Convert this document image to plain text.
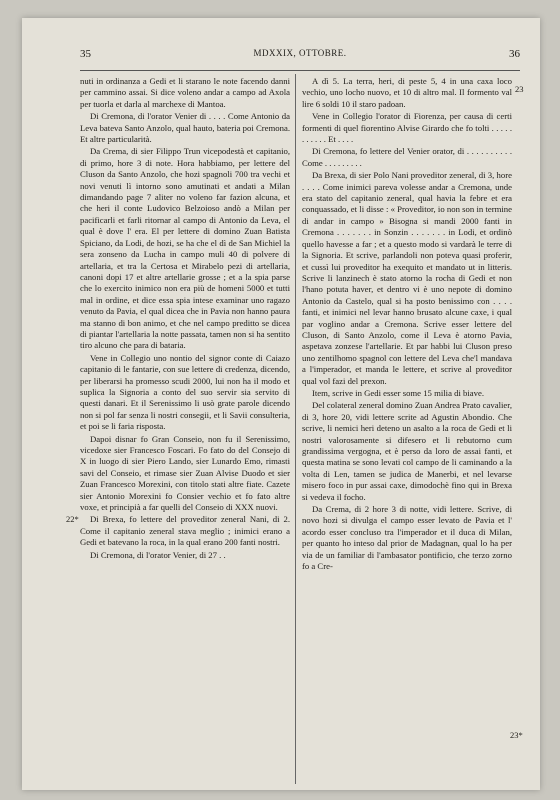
35	MDXXIX, OTTOBRE.	36
23
22*
23*

nuti in ordinanza a Gedi et li starano le note facendo danni per cammino assai. Si dice voleno andar a campo ad Axola per tuorla et darla al marchexe di Mantoa.

Di Cremona, di l'orator Venier di . . . . Come Antonio da Leva bateva Santo Anzolo, qual hauto, bateria poi Cremona. Et altre particularità.

Da Crema, di sier Filippo Trun vicepodestà et capitanio, di primo, hore 3 di note. Hora habbiamo, per lettere del Cluson da Santo Anzolo, che hozi spagnoli 700 tra vechi et novi venuti lì intorno sono amutinati et andati a Milan dimandando page 7 aliter no voleno far fazion alcuna, et che heri il conte Ludovico Belzoioso andò a Milan per pacificarli et farli ritornar al campo di Antonio da Leva, el qual è dove l' era. El per lettere di domino Zuan Batista Spiciano, da Lodi, de hozi, se ha che el dì de San Michiel la sera zonseno da Lucha in campo muli 40 di polvere di artellaria, et tra la Certosa et Mirabelo pezi di artellaria, canoni dopi 17 et altre artellarie grosse ; et a la spia parse che lo exercito inimico non era più de homeni 5000 et tutti mal in ordine, et dice essa spia intese examinar uno ragazo venuto da Pavia, el qual dicea che in Pavia non hanno paura ma stanno di bon animo, et che nel campo preditto se dicea di piantar l'artellaria la notte passata, tamen non si ha sentito tiro alcuno che para di bataria.

Vene in Collegio uno nontio del signor conte di Caiazo capitanio di le fantarie, con sue lettere di credenza, dicendo, per liberarsi ha promesso scudi 2000, lui non ha il modo et suplica la Signoria a conto del suo servir sia servito di questi danari. Et il Serenissimo li usò grate parole dicendo non si pol far senza li nostri consegii, et li Savii consulteria, et poi se li faria risposta.

Dapoi disnar fo Gran Conseio, non fu il Serenissimo, vicedoxe sier Francesco Foscari. Fo fato do del Consejo di X in luogo di sier Piero Lando, sier Lunardo Emo, rimasti savi del Conseio, et rimase sier Zuan Alvise Duodo et sier Zuan Francesco Morexini, con titolo stati altre fiate. Cazete sier Antonio Morexini fo Consier vechio et fo fato altre voxe, et principià a far quelli del Conseio di XXX nuovi.

Di Brexa, fo lettere del proveditor zeneral Nani, di 2. Come il capitanio zeneral stava meglio ; inimici erano a Gedi et batevano la roca, in la qual erano 200 fanti nostri.

Di Cremona, di l'orator Venier, di 27 . .

A dì 5. La terra, heri, di peste 5, 4 in una caxa loco vechio, uno locho nuovo, et 10 di altro mal. Il formento val lire 6 soldi 10 il staro padoan.

Vene in Collegio l'orator di Fiorenza, per causa di certi formenti di quel fiorentino Alvise Girardo che fo tolti . . . . . . . . . . . Et . . . .

Di Cremona, fo lettere del Venier orator, di . . . . . . . . . . Come . . . . . . . . .

Da Brexa, di sier Polo Nani proveditor zeneral, di 3, hore . . . . Come inimici pareva volesse andar a Cremona, unde era stato del capitanio zeneral, qual havia la febre et era conquassado, et li disse : « Proveditor, io non son in termine di andar in campo » Bisogna si mandi 2000 fanti in Cremona . . . . . . . in Sonzin . . . . . . . in Lodi, et ordinò quello havesse a far ; et a questo modo si vardarà le terre di la Signoria. Et scrive, parlandoli non poteva quasi proferir, et cussì lui proveditor ha exequito et mandato ut in litteris. Scrive li lanzinech è stato atorno la rocha di Gedi et non l'hano potuta haver, et dentro vi è uno nepote di domino Antonio da Castelo, qual si ha posto benissimo con . . . . fanti, et inimici nel levar hanno brusato alcune caxe, i qual par voglino andar a Cremona. Scrive esser lettere del Cluson, di Santo Anzolo, come il Leva è atorno Pavia, aspetava zonzese l'artellarie. Et par habbi lui Cluson preso uno zentilhomo spagnol con lettere del Leva che'l mandava a l'imperador, et manda le lettere, et scrive al proveditor qual vol fazi del prexon.

Item, scrive in Gedi esser some 15 milia di biave.

Del colateral zeneral domino Zuan Andrea Prato cavalier, di 3, hore 20, vidi lettere scrite ad Agustin Abondio. Che scrive, li nemici heri deteno un asalto a la roca de Gedi et li nostri valorosamente si difesero et li rebutorno cum grandissima vergogna, et è perso da loro de assai fanti, et questa matina se sono levati col campo de li caminando a la volta di Len, tamen se judica de Manerbi, et nel levarse misero foco in pur assai caxe, dimodochè fino qui in Brexa si vedeva il focho.

Da Crema, di 2 hore 3 di notte, vidi lettere. Scrive, di novo hozi si divulga el campo esser levato de Pavia et l' acordo esser concluso tra l'imperador et il duca di Milan, per quanto ho inteso dal prior de Madagnan, qual lo ha per via de un familiar di l'ambasator pontificio, che terzo zorno fo a Cre-
